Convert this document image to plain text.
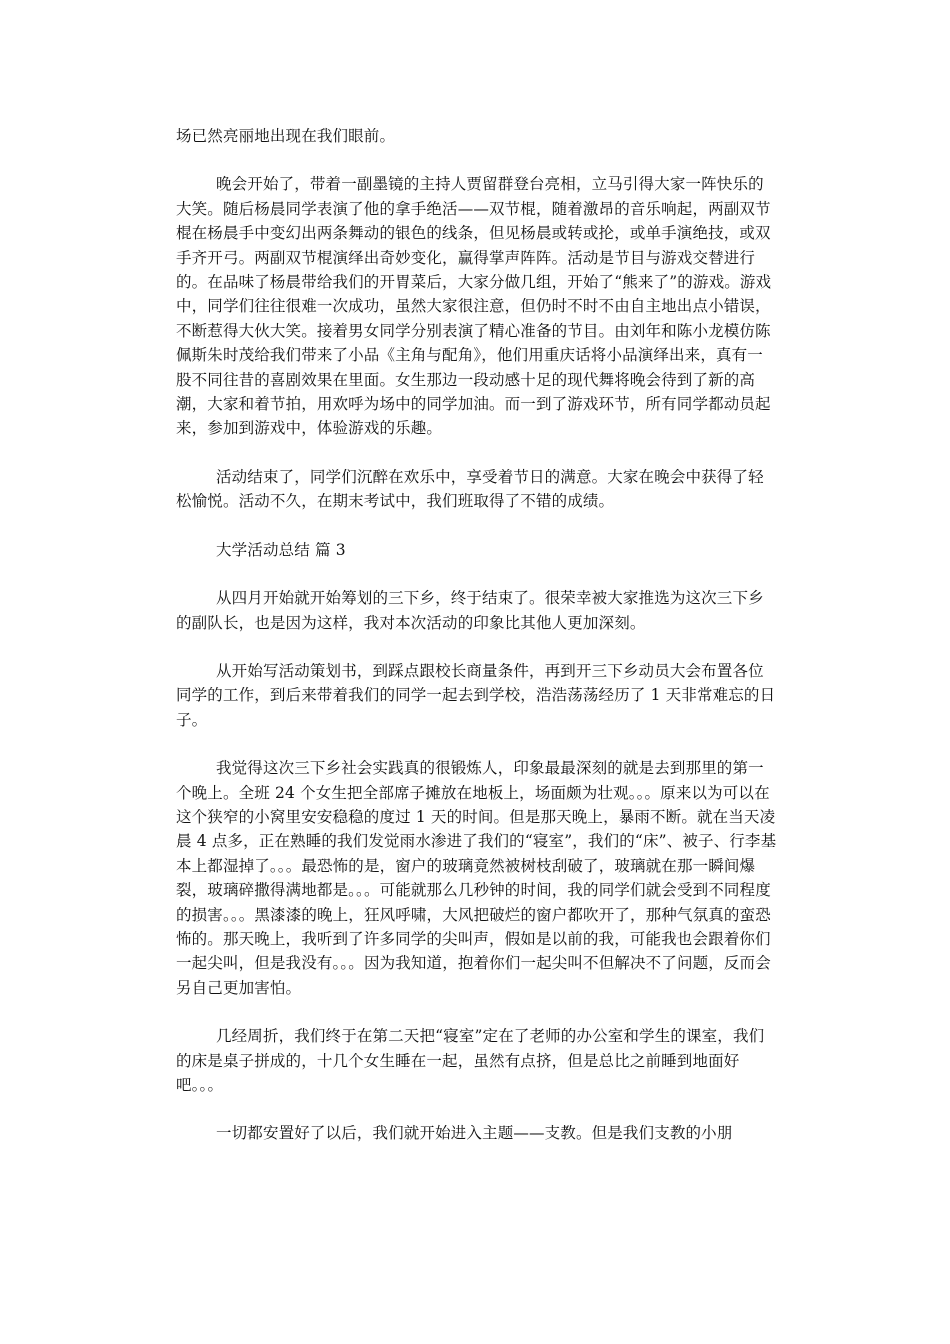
场已然亮丽地出现在我们眼前。

晚会开始了，带着一副墨镜的主持人贾留群登台亮相，立马引得大家一阵快乐的大笑。随后杨晨同学表演了他的拿手绝活——双节棍，随着激昂的音乐响起，两副双节棍在杨晨手中变幻出两条舞动的银色的线条，但见杨晨或转或抡，或单手演绝技，或双手齐开弓。两副双节棍演绎出奇妙变化，赢得掌声阵阵。活动是节目与游戏交替进行的。在品味了杨晨带给我们的开胃菜后，大家分做几组，开始了“熊来了”的游戏。游戏中，同学们往往很难一次成功，虽然大家很注意，但仍时不时不由自主地出点小错误，不断惹得大伙大笑。接着男女同学分别表演了精心准备的节目。由刘年和陈小龙模仿陈佩斯朱时茂给我们带来了小品《主角与配角》，他们用重庆话将小品演绎出来，真有一股不同往昔的喜剧效果在里面。女生那边一段动感十足的现代舞将晚会待到了新的高潮，大家和着节拍，用欢呼为场中的同学加油。而一到了游戏环节，所有同学都动员起来，参加到游戏中，体验游戏的乐趣。

活动结束了，同学们沉醉在欢乐中，享受着节日的满意。大家在晚会中获得了轻松愉悦。活动不久，在期末考试中，我们班取得了不错的成绩。

大学活动总结 篇 3

从四月开始就开始筹划的三下乡，终于结束了。很荣幸被大家推选为这次三下乡的副队长，也是因为这样，我对本次活动的印象比其他人更加深刻。

从开始写活动策划书，到踩点跟校长商量条件，再到开三下乡动员大会布置各位同学的工作，到后来带着我们的同学一起去到学校，浩浩荡荡经历了 1 天非常难忘的日子。

我觉得这次三下乡社会实践真的很锻炼人，印象最最深刻的就是去到那里的第一个晚上。全班 24 个女生把全部席子摊放在地板上，场面颇为壮观。。。原来以为可以在这个狭窄的小窝里安安稳稳的度过 1 天的时间。但是那天晚上，暴雨不断。就在当天凌晨 4 点多，正在熟睡的我们发觉雨水渗进了我们的“寝室”，我们的“床”、被子、行李基本上都湿掉了。。。最恐怖的是，窗户的玻璃竟然被树枝刮破了，玻璃就在那一瞬间爆裂，玻璃碎撒得满地都是。。。可能就那么几秒钟的时间，我的同学们就会受到不同程度的损害。。。黑漆漆的晚上，狂风呼啸，大风把破烂的窗户都吹开了，那种气氛真的蛮恐怖的。那天晚上，我听到了许多同学的尖叫声，假如是以前的我，可能我也会跟着你们一起尖叫，但是我没有。。。因为我知道，抱着你们一起尖叫不但解决不了问题，反而会另自己更加害怕。

几经周折，我们终于在第二天把“寝室”定在了老师的办公室和学生的课室，我们的床是桌子拼成的，十几个女生睡在一起，虽然有点挤，但是总比之前睡到地面好吧。。。

一切都安置好了以后，我们就开始进入主题——支教。但是我们支教的小朋
